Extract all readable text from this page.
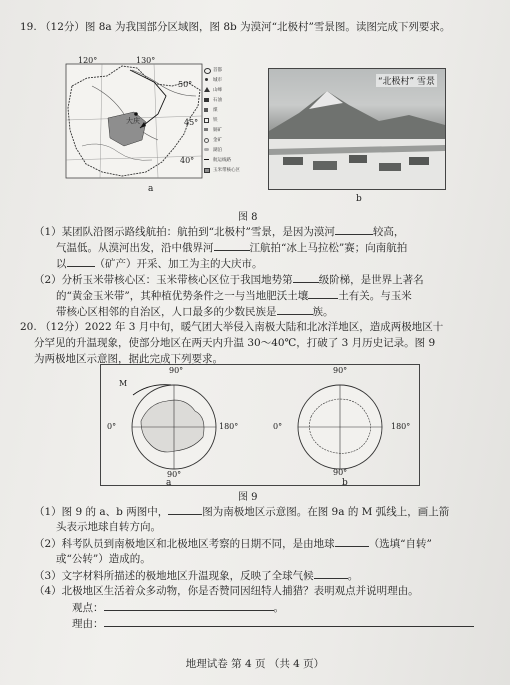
19. （12分）图 8a 为我国部分区域图，图 8b 为漠河“北极村”雪景图。读图完成下列要求。
120°	130°
50°
45°
40°
大庆
a
首都
城市
山峰
石油
煤
铁
铜矿
金矿
湖泊
航运线路
玉米带核心区
“北极村” 雪景
b
图 8
（1）某团队沿图示路线航拍：航拍到“北极村”雪景，是因为漠河	较高，
气温低。从漠河出发，沿中俄界河	江航拍“冰上马拉松”赛；向南航拍
以	（矿产）开采、加工为主的大庆市。
（2）分析玉米带核心区：玉米带核心区位于我国地势第 级阶梯，是世界上著名
的“黄金玉米带”，其种植优势条件之一与当地肥沃土壤	土有关。与玉米
带核心区相邻的自治区，人口最多的少数民族是	族。
20. （12分）2022 年 3 月中旬，暖气团大举侵入南极大陆和北冰洋地区，造成两极地区十
分罕见的升温现象，使部分地区在两天内升温 30～40℃，打破了 3 月历史记录。图 9
为两极地区示意图，据此完成下列要求。
90°
0°	180°
90°
M
90°
0°	180°
90°
a	b
图 9
（1）图 9 的 a、b 两图中，	图为南极地区示意图。在图 9a 的 M 弧线上，画上箭
头表示地球自转方向。
（2）科考队员到南极地区和北极地区考察的日期不同，是由地球	（选填“自转”
或“公转”）造成的。
（3）文字材料所描述的极地地区升温现象，反映了全球气候	。
（4）北极地区生活着众多动物，你是否赞同因纽特人捕猎？表明观点并说明理由。
观点：	。
理由：
地理试卷 第 4 页 （共 4 页）
